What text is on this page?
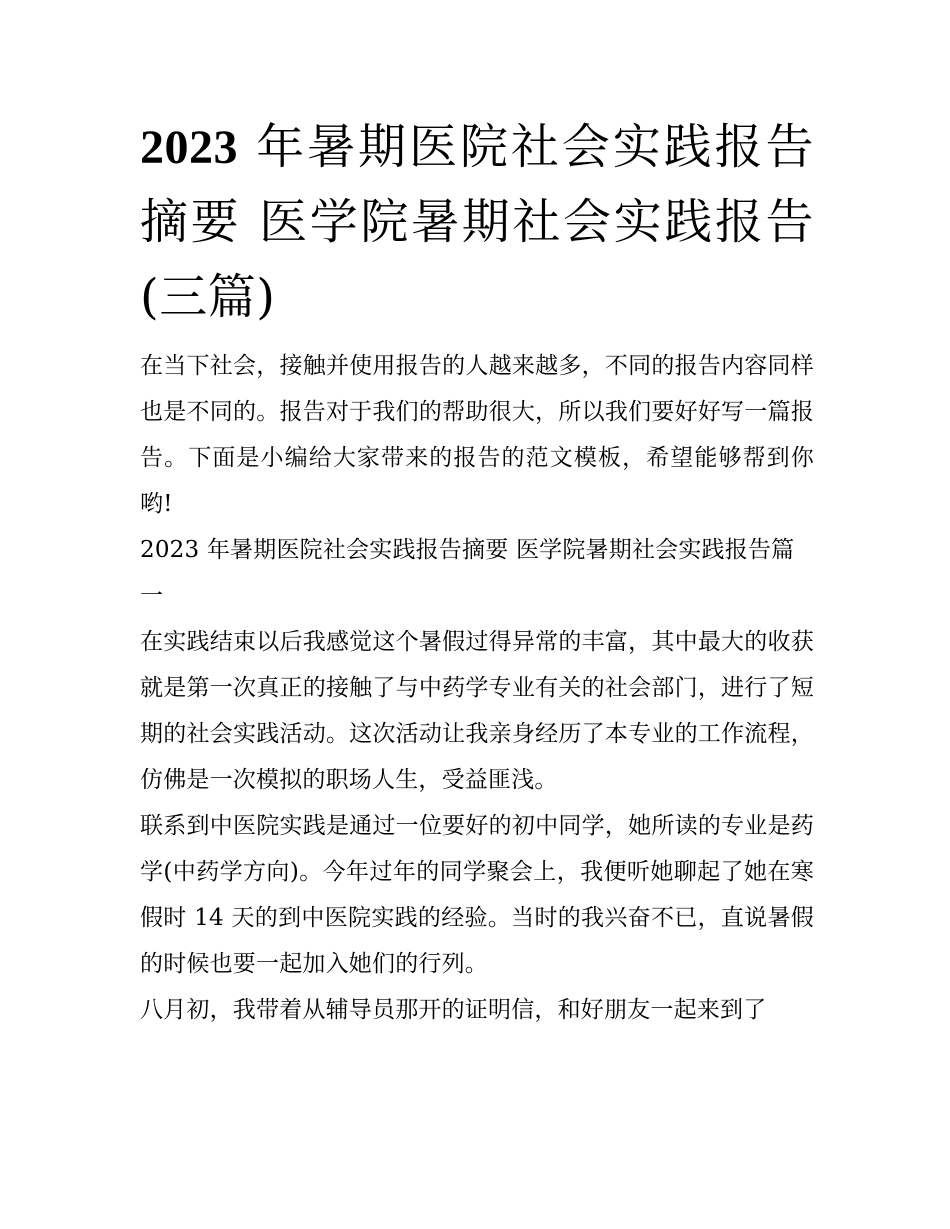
2023 年暑期医院社会实践报告摘要 医学院暑期社会实践报告(三篇)

在当下社会，接触并使用报告的人越来越多，不同的报告内容同样也是不同的。报告对于我们的帮助很大，所以我们要好好写一篇报告。下面是小编给大家带来的报告的范文模板，希望能够帮到你哟!

2023 年暑期医院社会实践报告摘要 医学院暑期社会实践报告篇一

在实践结束以后我感觉这个暑假过得异常的丰富，其中最大的收获就是第一次真正的接触了与中药学专业有关的社会部门，进行了短期的社会实践活动。这次活动让我亲身经历了本专业的工作流程，仿佛是一次模拟的职场人生，受益匪浅。

联系到中医院实践是通过一位要好的初中同学，她所读的专业是药学(中药学方向)。今年过年的同学聚会上，我便听她聊起了她在寒假时 14 天的到中医院实践的经验。当时的我兴奋不已，直说暑假的时候也要一起加入她们的行列。

八月初，我带着从辅导员那开的证明信，和好朋友一起来到了
